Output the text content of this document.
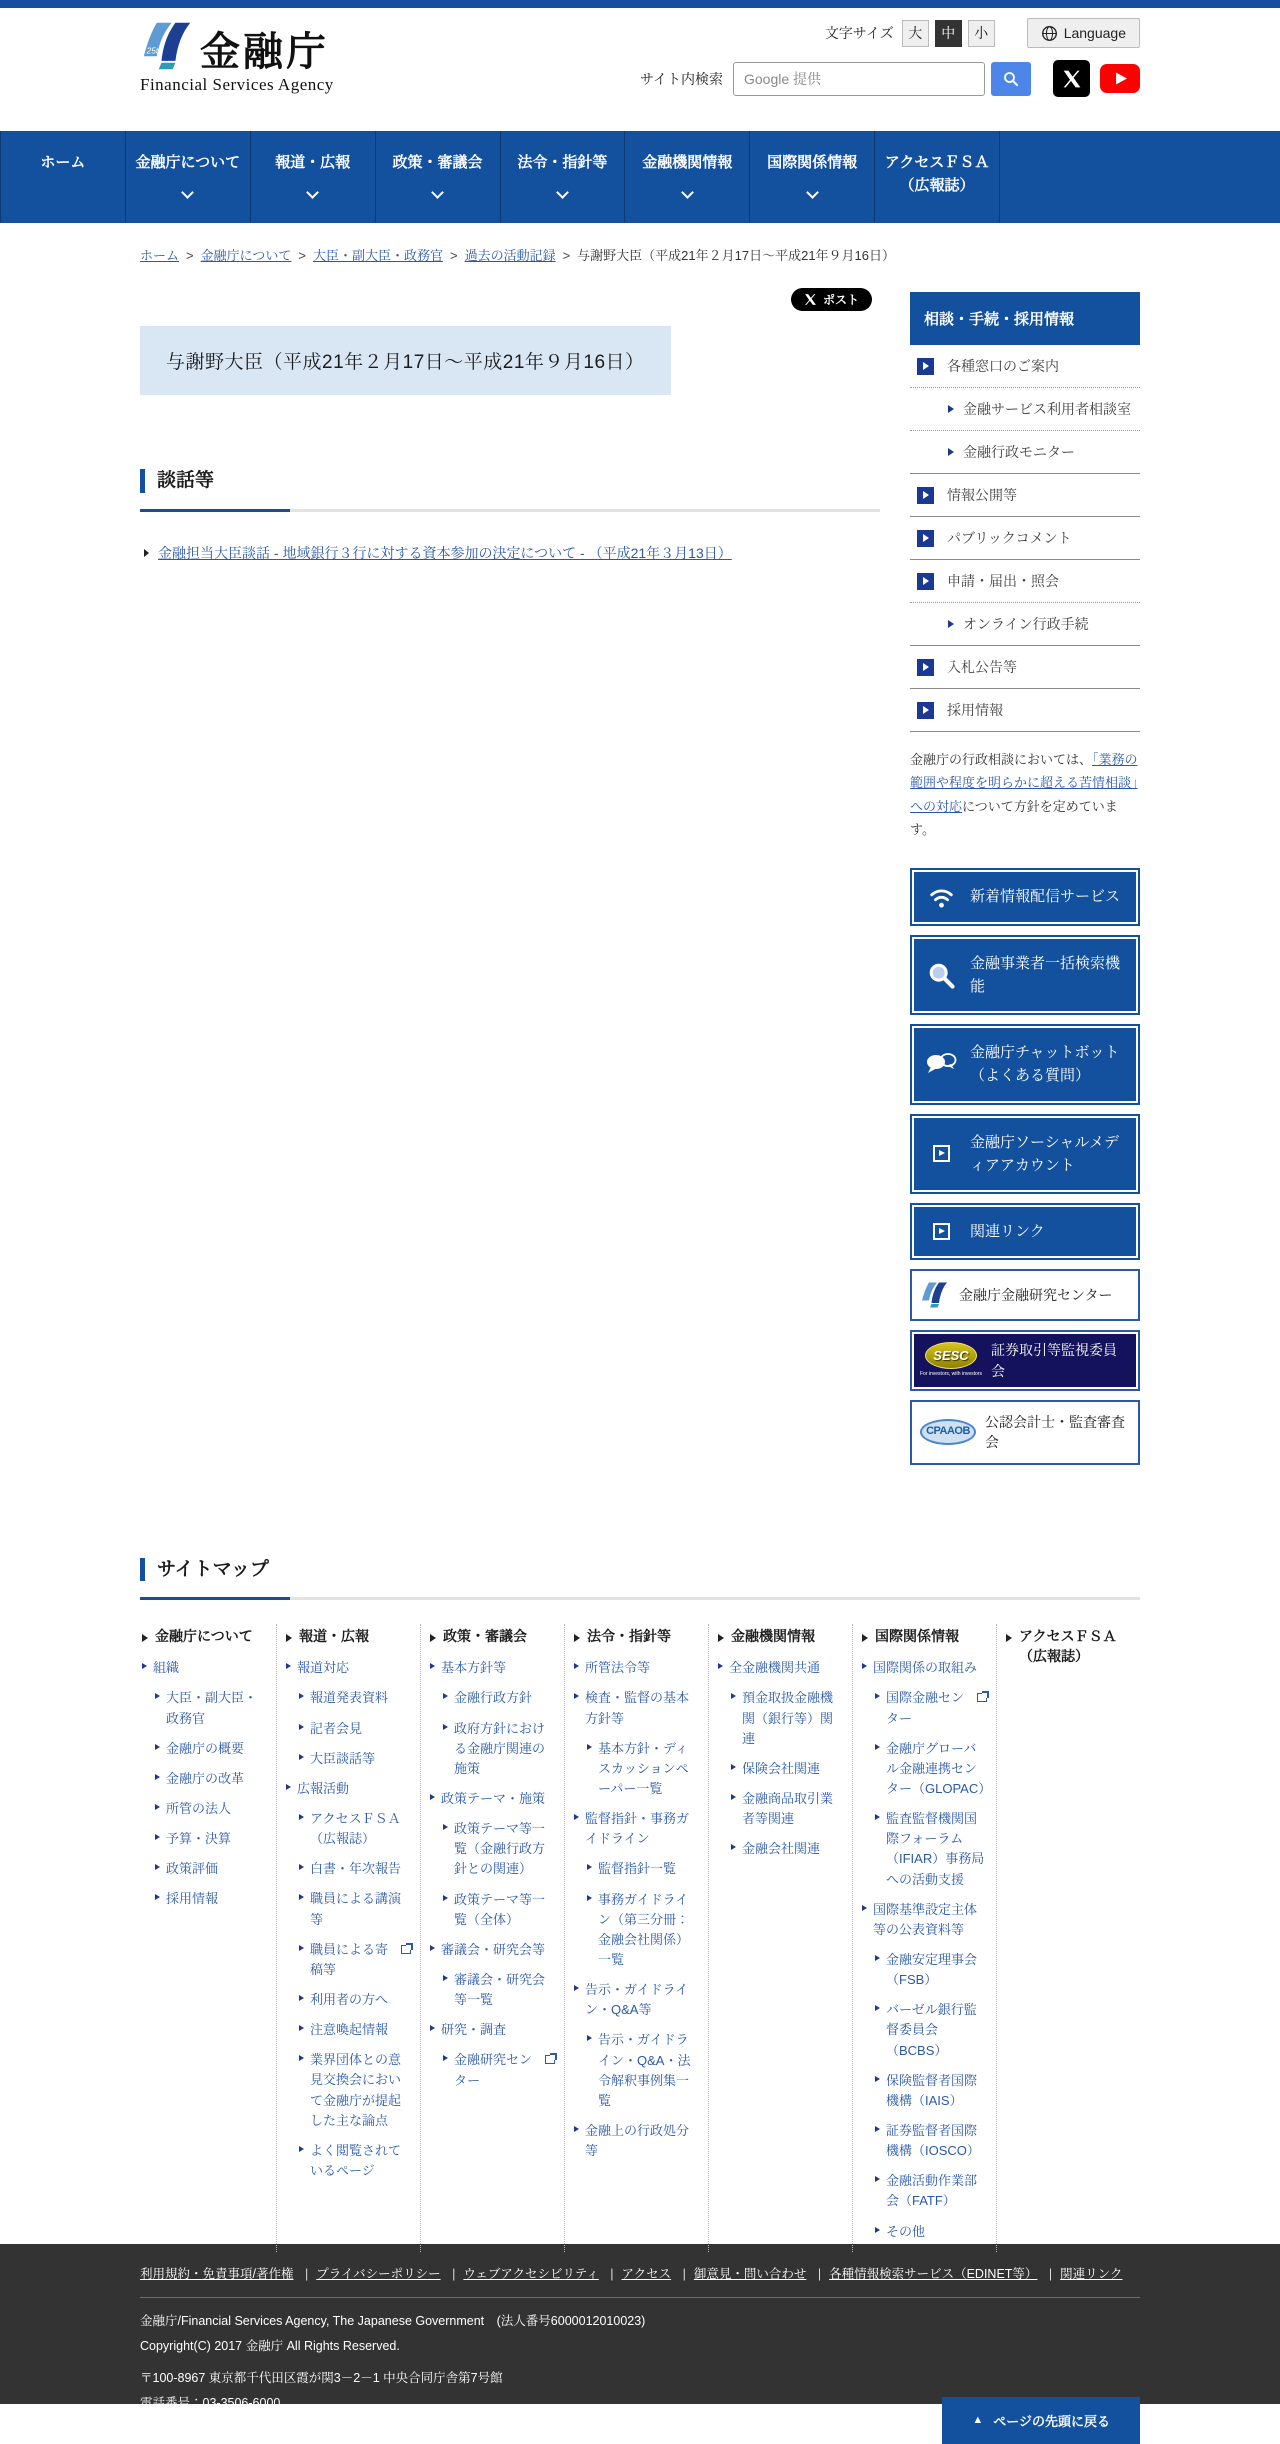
25th 金融庁
Financial Services Agency
文字サイズ	大	中	小	Language
サイト内検索
Google 提供
ホーム	金融庁について 報道・広報	政策・審議会 法令・指針等 金融機関情報 国際関係情報 アクセスＦＳＡ（広報誌）
ホーム > 金融庁について > 大臣・副大臣・政務官 > 過去の活動記録 > 与謝野大臣（平成21年２月17日～平成21年９月16日）
ポスト
与謝野大臣（平成21年２月17日～平成21年９月16日）
談話等
金融担当大臣談話 - 地域銀行３行に対する資本参加の決定について - （平成21年３月13日）
相談・手続・採用情報
各種窓口のご案内
金融サービス利用者相談室
金融行政モニター
情報公開等
パブリックコメント
申請・届出・照会
オンライン行政手続
入札公告等
採用情報

金融庁の行政相談においては、「業務の範囲や程度を明らかに超える苦情相談」への対応について方針を定めています。

新着情報配信サービス
金融事業者一括検索機能
金融庁チャットボット（よくある質問）
金融庁ソーシャルメディアアカウント
関連リンク
金融庁金融研究センター
SESC
For investors, with investors
証券取引等監視委員会
CPAAOB
公認会計士・監査審査会
サイトマップ
金融庁について
組織
大臣・副大臣・政務官
金融庁の概要
金融庁の改革
所管の法人
予算・決算
政策評価
採用情報
報道・広報
報道対応
報道発表資料
記者会見
大臣談話等
広報活動
アクセスＦＳＡ（広報誌）
白書・年次報告
職員による講演等
職員による寄稿等
利用者の方へ
注意喚起情報
業界団体との意見交換会において金融庁が提起した主な論点
よく閲覧されているページ
政策・審議会
基本方針等
金融行政方針
政府方針における金融庁関連の施策
政策テーマ・施策
政策テーマ等一覧（金融行政方針との関連）
政策テーマ等一覧（全体）
審議会・研究会等
審議会・研究会等一覧
研究・調査
金融研究センター
法令・指針等
所管法令等
検査・監督の基本方針等
基本方針・ディスカッションペーパー一覧
監督指針・事務ガイドライン
監督指針一覧
事務ガイドライン（第三分冊：金融会社関係）一覧
告示・ガイドライン・Q&A等
告示・ガイドライン・Q&A・法令解釈事例集一覧
金融上の行政処分等
金融機関情報
全金融機関共通
預金取扱金融機関（銀行等）関連
保険会社関連
金融商品取引業者等関連
金融会社関連
国際関係情報
国際関係の取組み
国際金融センター
金融庁グローバル金融連携センター（GLOPAC）
監査監督機関国際フォーラム（IFIAR）事務局への活動支援
国際基準設定主体等の公表資料等
金融安定理事会（FSB）
バーゼル銀行監督委員会（BCBS）
保険監督者国際機構（IAIS）
証券監督者国際機構（IOSCO）
金融活動作業部会（FATF）
その他
アクセスＦＳＡ（広報誌）
▲ ページの先頭に戻る
利用規約・免責事項/著作権 | プライバシーポリシー | ウェブアクセシビリティ | アクセス | 御意見・問い合わせ | 各種情報検索サービス（EDINET等） | 関連リンク

金融庁/Financial Services Agency, The Japanese Government　(法人番号6000012010023)

Copyright(C) 2017 金融庁 All Rights Reserved.

〒100-8967 東京都千代田区霞が関3－2－1 中央合同庁舎第7号館

電話番号：03-3506-6000
